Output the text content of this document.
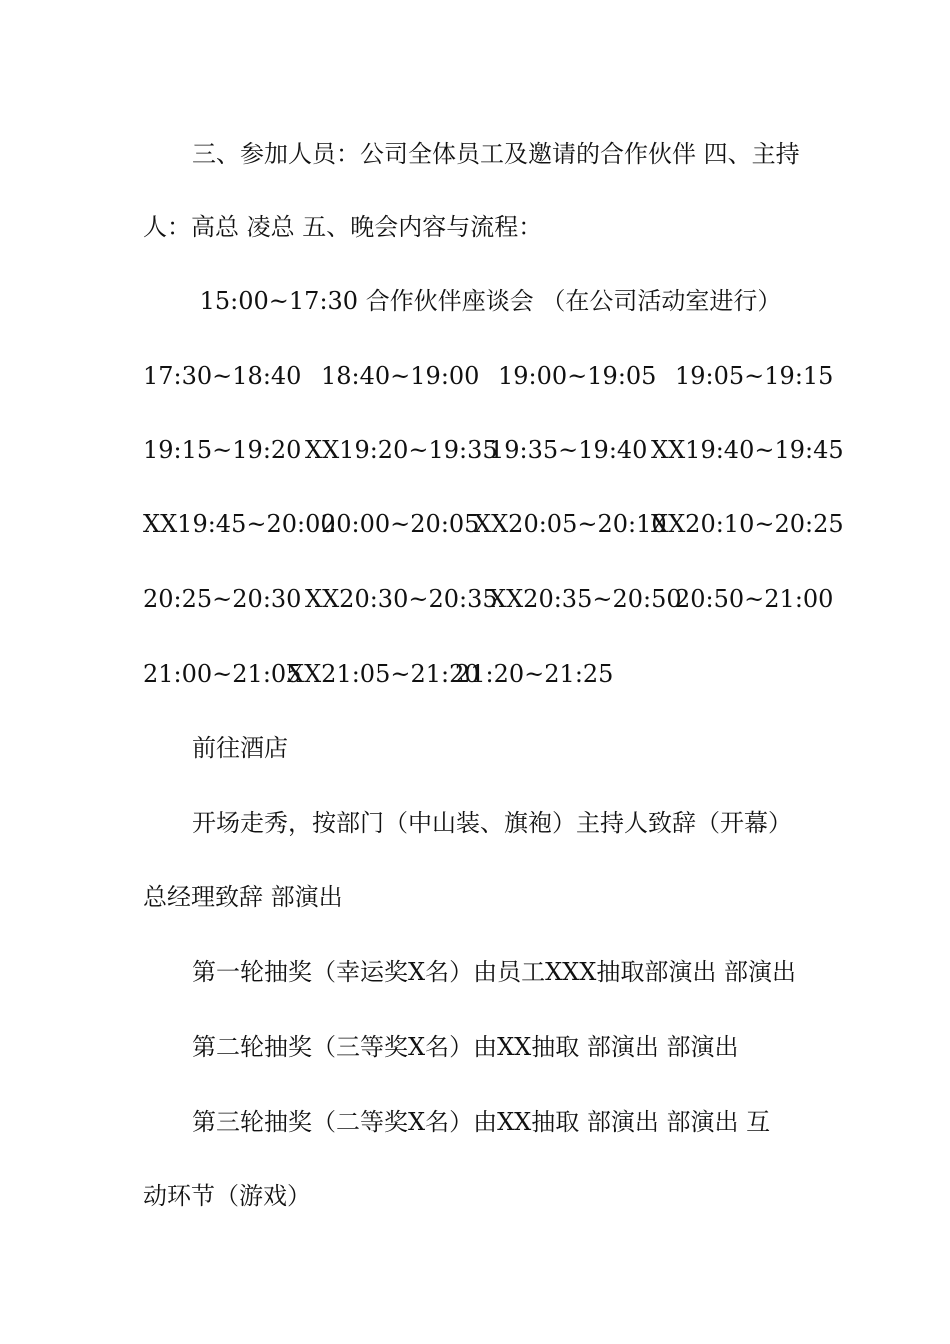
三、参加人员：公司全体员工及邀请的合作伙伴 四、主持
人：高总 凌总 五、晚会内容与流程：
15:00~17:30 合作伙伴座谈会 （在公司活动室进行）

17:30~18:40

18:40~19:00

19:00~19:05

19:05~19:15

19:15~19:20

XX19:20~19:35

19:35~19:40

XX19:40~19:45

XX19:45~20:00

20:00~20:05

XX20:05~20:10

XX20:10~20:25

20:25~20:30

XX20:30~20:35

XX20:35~20:50

20:50~21:00

21:00~21:05

XX21:05~21:20

21:20~21:25

前往酒店
开场走秀，按部门（中山装、旗袍）主持人致辞（开幕）
总经理致辞 部演出
第一轮抽奖（幸运奖X名）由员工XXX抽取部演出 部演出
第二轮抽奖（三等奖X名）由XX抽取 部演出 部演出
第三轮抽奖（二等奖X名）由XX抽取 部演出 部演出 互
动环节（游戏）
